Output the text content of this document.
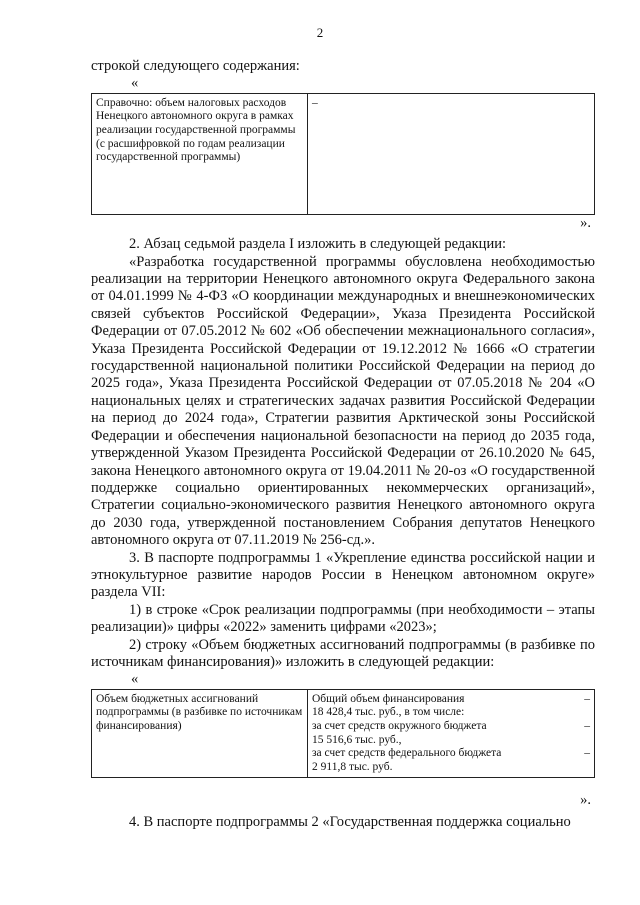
2

строкой следующего содержания:

«

Справочно: объем налоговых расходов Ненецкого автономного округа в рамках реализации государственной программы (с расшифровкой по годам реализации государственной программы)	–

».

2. Абзац седьмой раздела I изложить в следующей редакции:

«Разработка государственной программы обусловлена необходимостью реализации на территории Ненецкого автономного округа Федерального закона от 04.01.1999 № 4-ФЗ «О координации международных и внешнеэкономических связей субъектов Российской Федерации», Указа Президента Российской Федерации от 07.05.2012 № 602 «Об обеспечении межнационального согласия», Указа Президента Российской Федерации от 19.12.2012 № 1666 «О стратегии государственной национальной политики Российской Федерации на период до 2025 года», Указа Президента Российской Федерации от 07.05.2018 № 204 «О национальных целях и стратегических задачах развития Российской Федерации на период до 2024 года», Стратегии развития Арктической зоны Российской Федерации и обеспечения национальной безопасности на период до 2035 года, утвержденной Указом Президента Российской Федерации от 26.10.2020 № 645, закона Ненецкого автономного округа от 19.04.2011 № 20-оз «О государственной поддержке социально ориентированных некоммерческих организаций», Стратегии социально-экономического развития Ненецкого автономного округа до 2030 года, утвержденной постановлением Собрания депутатов Ненецкого автономного округа от 07.11.2019 № 256-сд.».

3. В паспорте подпрограммы 1 «Укрепление единства российской нации и этнокультурное развитие народов России в Ненецком автономном округе» раздела VII:

1) в строке «Срок реализации подпрограммы (при необходимости – этапы реализации)» цифры «2022» заменить цифрами «2023»;

2) строку «Объем бюджетных ассигнований подпрограммы (в разбивке по источникам финансирования)» изложить в следующей редакции:

«

Объем бюджетных ассигнований подпрограммы (в разбивке по источникам финансирования)	
Общий объем финансирования	–
18 428,4 тыс. руб., в том числе:
за счет средств окружного бюджета	–
15 516,6 тыс. руб.,
за счет средств федерального бюджета	–
2 911,8 тыс. руб.

».

4. В паспорте подпрограммы 2 «Государственная поддержка социально
